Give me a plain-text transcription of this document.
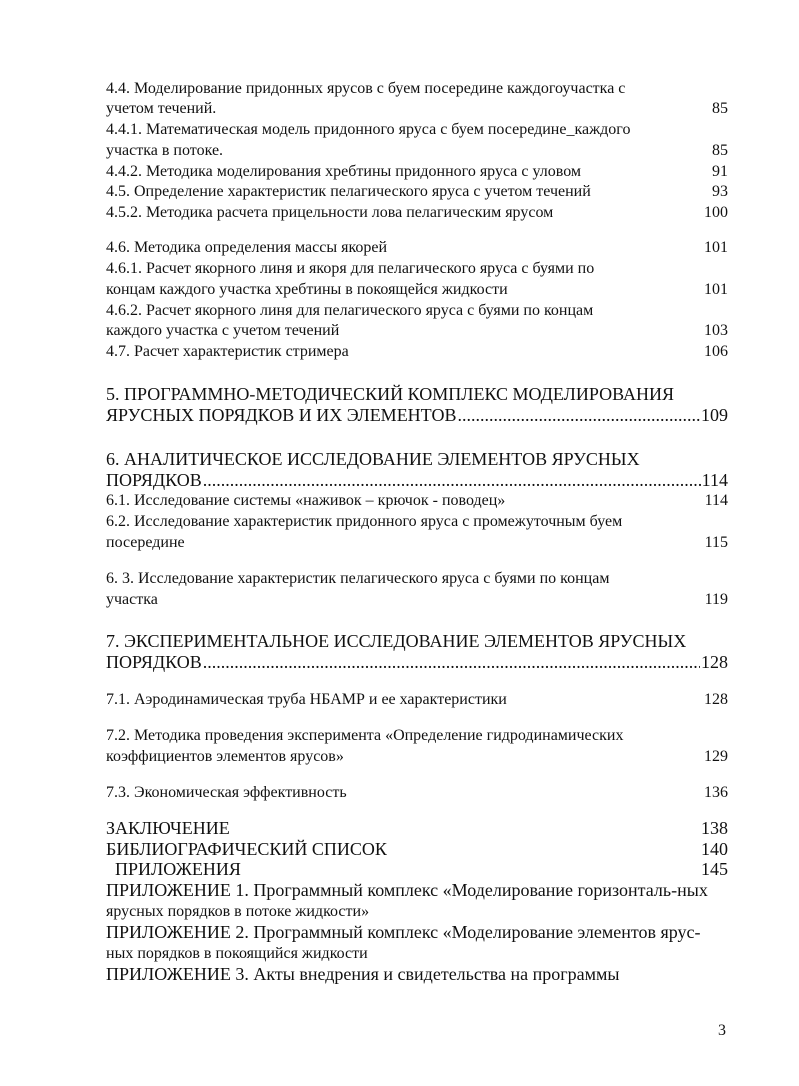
4.4. Моделирование придонных ярусов с буем посередине каждогоучастка с
учетом течений.	85
4.4.1. Математическая модель придонного яруса с буем посередине_каждого
участка в потоке.	85
4.4.2. Методика моделирования хребтины придонного яруса с уловом	91
4.5. Определение характеристик пелагического яруса с учетом течений	93
4.5.2. Методика расчета прицельности лова пелагическим ярусом	100
4.6. Методика определения массы якорей	101
4.6.1. Расчет якорного линя и якоря для пелагического яруса с буями по
концам каждого участка хребтины в покоящейся жидкости	101
4.6.2. Расчет якорного линя для пелагического яруса с буями по концам
каждого участка с учетом течений	103
4.7. Расчет характеристик стримера	106
5. ПРОГРАММНО-МЕТОДИЧЕСКИЙ КОМПЛЕКС МОДЕЛИРОВАНИЯ
ЯРУСНЫХ ПОРЯДКОВ И ИХ ЭЛЕМЕНТОВ .....	109
6. АНАЛИТИЧЕСКОЕ ИССЛЕДОВАНИЕ ЭЛЕМЕНТОВ ЯРУСНЫХ
ПОРЯДКОВ .....	114
6.1. Исследование системы «наживок – крючок - поводец»	114
6.2. Исследование характеристик придонного яруса с промежуточным буем
посередине	115
6. 3. Исследование характеристик пелагического яруса с буями по концам
участка	119
7. ЭКСПЕРИМЕНТАЛЬНОЕ ИССЛЕДОВАНИЕ ЭЛЕМЕНТОВ ЯРУСНЫХ
ПОРЯДКОВ .....	128
7.1. Аэродинамическая труба НБАМР и ее характеристики	128
7.2. Методика проведения эксперимента «Определение гидродинамических
коэффициентов элементов ярусов»	129
7.3. Экономическая эффективность	136
ЗАКЛЮЧЕНИЕ	138
БИБЛИОГРАФИЧЕСКИЙ СПИСОК	140
ПРИЛОЖЕНИЯ	145
ПРИЛОЖЕНИЕ 1. Программный комплекс «Моделирование горизонталь-ных
ярусных порядков в потоке жидкости»
ПРИЛОЖЕНИЕ 2. Программный комплекс «Моделирование элементов ярус-
ных порядков в покоящийся жидкости
ПРИЛОЖЕНИЕ 3. Акты внедрения и свидетельства на программы
3
